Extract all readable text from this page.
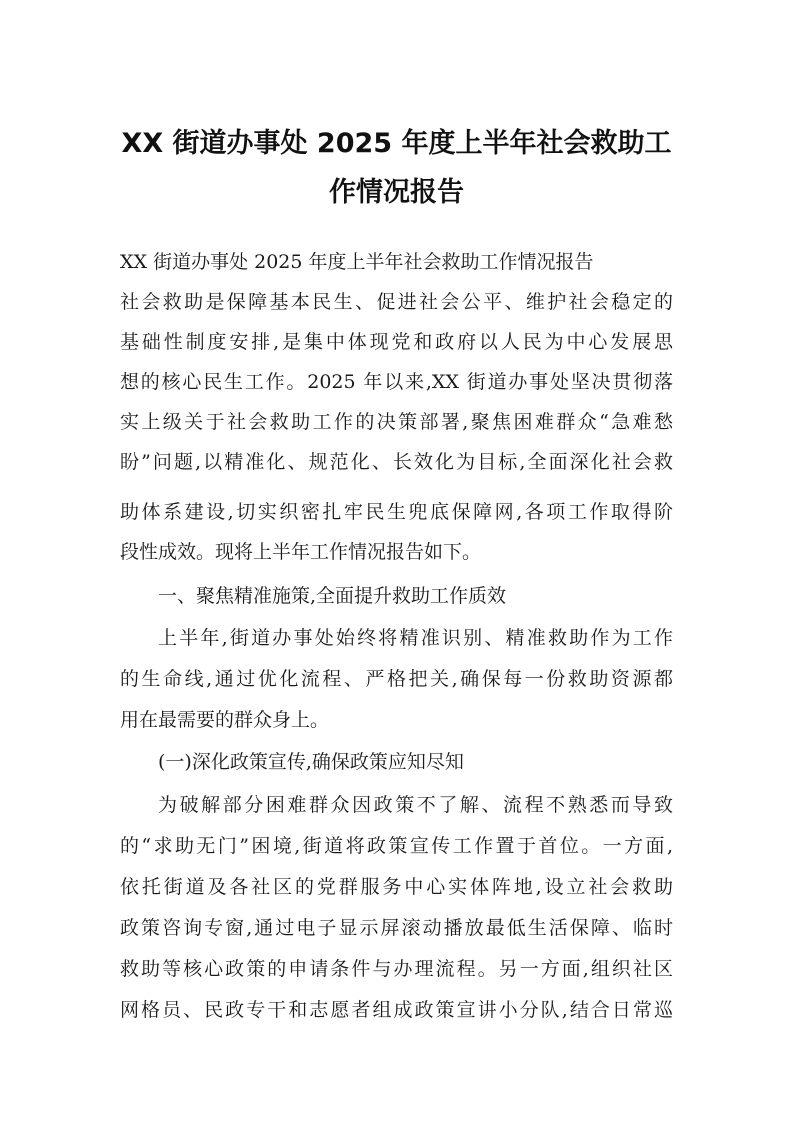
XX 街道办事处 2025 年度上半年社会救助工
作情况报告
XX 街道办事处 2025 年度上半年社会救助工作情况报告
社会救助是保障基本民生、促进社会公平、维护社会稳定的
基础性制度安排,是集中体现党和政府以人民为中心发展思
想的核心民生工作。2025 年以来,XX 街道办事处坚决贯彻落
实上级关于社会救助工作的决策部署,聚焦困难群众“急难愁
盼”问题,以精准化、规范化、长效化为目标,全面深化社会救
助体系建设,切实织密扎牢民生兜底保障网,各项工作取得阶
段性成效。现将上半年工作情况报告如下。
一、聚焦精准施策,全面提升救助工作质效
上半年,街道办事处始终将精准识别、精准救助作为工作
的生命线,通过优化流程、严格把关,确保每一份救助资源都
用在最需要的群众身上。
(一)深化政策宣传,确保政策应知尽知
为破解部分困难群众因政策不了解、流程不熟悉而导致
的“求助无门”困境,街道将政策宣传工作置于首位。一方面,
依托街道及各社区的党群服务中心实体阵地,设立社会救助
政策咨询专窗,通过电子显示屏滚动播放最低生活保障、临时
救助等核心政策的申请条件与办理流程。另一方面,组织社区
网格员、民政专干和志愿者组成政策宣讲小分队,结合日常巡
